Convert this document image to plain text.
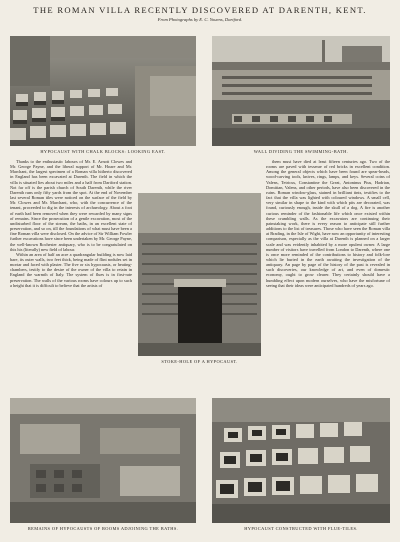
THE ROMAN VILLA RECENTLY DISCOVERED AT DARENTH, KENT.
From Photographs by E. C. Youens, Dartford.
HYPOCAUST WITH CHALK BLOCKS: LOOKING EAST.	WALL DIVIDING THE SWIMMING-BATH.

Thanks to the enthusiastic labours of Mr. E. Arnott Clowes and Mr. George Payne, and the liberal support of Mr. Hoare and Mr. Marchant, the largest specimen of a Roman villa hitherto discovered in England has been excavated at Darenth. The field in which the villa is situated lies about two miles and a half from Dartford station. Not far off is the parish church of South Darenth, while the river Darenth runs only fifty yards from the spot. At the end of November last several Roman tiles were noticed on the surface of the field by Mr. Clowes and Mr. Marchant, who, with the concurrence of the tenant, proceeded to dig in the interests of archaeology. About a foot of earth had been removed when they were rewarded by many signs of remains. Since the prosecution of a gentle excavation, most of the undisturbed floor of the stream, the baths, in an excellent state of preservation, and so on, till the foundations of what must have been a fine Roman villa were disclosed. On the advice of Sir William Fowler further excavations have since been undertaken by Mr. George Payne, the well-known Rochester antiquary, who is to be congratulated on this his (literally) new field of labour.

Within an area of half an acre a quadrangular building is now laid bare, its outer walls, two feet thick, being made of flint nodules set in mortar and faced with plaster. The five or six hypocausts, or heating-chambers, testify to the desire of the owner of the villa to retain in England the warmth of Italy. The system of flues is in first-rate preservation. The walls of the various rooms have colours up to such a height that it is difficult to believe that the artists of

STOKE-HOLE OF A HYPOCAUST.

them must have died at least fifteen centuries ago. Two of the rooms are paved with tesserae of red bricks in excellent condition. Among the general objects which have been found are spear-heads, wood-carving tools, knives, rings, lamps, and keys. Several coins of Valens, Tetricus, Constantine the Great, Antoninus Pius, Hadrian, Domitian, Valens, and other periods, have also been discovered in the ruins. Roman window-glass, stained in brilliant tints, testifies to the fact that the villa was lighted with coloured windows. A small cell, very similar in shape to the kind with which pits are decorated, was found, curiously enough, inside the skull of a dog. A fire is another curious reminder of the fashionable life which once existed within these crumbling walls. As the excavators are continuing their painstaking work, there is every reason to anticipate still further additions to the list of treasures. Those who have seen the Roman villa at Brading, in the Isle of Wight, have now an opportunity of interesting comparison, especially as the villa at Darenth is planned on a larger scale and was evidently inhabited by a more opulent owner. A large number of visitors have travelled from London to Darenth, where one is once more reminded of the contributions to history and folk-lore which lie buried in the earth awaiting the investigation of the antiquary. An page by page of the history of the past is revealed in such discoveries, our knowledge of art, and even of domestic economy, ought to grow clearer. They certainly should have a humbling effect upon modern ourselves, who have the misfortune of seeing that their ideas were anticipated hundreds of years ago.

REMAINS OF HYPOCAUSTS OF ROOMS ADJOINING THE BATHS.	HYPOCAUST CONSTRUCTED WITH FLUE-TILES.
